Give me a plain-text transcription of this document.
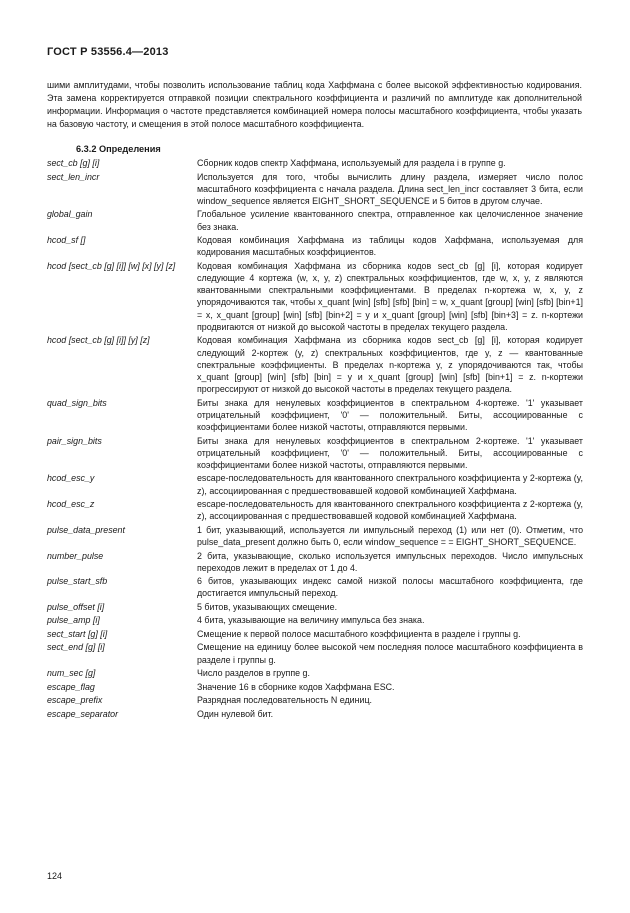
ГОСТ Р 53556.4—2013

шими амплитудами, чтобы позволить использование таблиц кода Хаффмана с более высокой эффективностью кодирования. Эта замена корректируется отправкой позиции спектрального коэффициента и различий по амплитуде как дополнительной информации. Информация о частоте представляется комбинацией номера полосы масштабного коэффициента, чтобы указать на базовую частоту, и смещения в этой полосе масштабного коэффициента.

6.3.2 Определения
sect_cb [g] [i]	Сборник кодов спектр Хаффмана, используемый для раздела i в группе g.
sect_len_incr	Используется для того, чтобы вычислить длину раздела, измеряет число полос масштабного коэффициента с начала раздела. Длина sect_len_incr составляет 3 бита, если window_sequence является EIGHT_SHORT_SEQUENCE и 5 битов в другом случае.
global_gain	Глобальное усиление квантованного спектра, отправленное как целочисленное значение без знака.
hcod_sf []	Кодовая комбинация Хаффмана из таблицы кодов Хаффмана, используемая для кодирования масштабных коэффициентов.
hcod [sect_cb [g] [i]] [w] [x] [y] [z]	Кодовая комбинация Хаффмана из сборника кодов sect_cb [g] [i], которая кодирует следующие 4 кортежа (w, x, y, z) спектральных коэффициентов, где w, x, y, z являются квантованными спектральными коэффициентами. В пределах n-кортежа w, x, y, z упорядочиваются так, чтобы x_quant [win] [sfb] [sfb] [bin] = w, x_quant [group] [win] [sfb] [bin+1] = x, x_quant [group] [win] [sfb] [bin+2] = y и x_quant [group] [win] [sfb] [bin+3] = z. n-кортежи продвигаются от низкой до высокой частоты в пределах текущего раздела.
hcod [sect_cb [g] [i]] [y] [z]	Кодовая комбинация Хаффмана из сборника кодов sect_cb [g] [i], которая кодирует следующий 2-кортеж (y, z) спектральных коэффициентов, где y, z — квантованные спектральные коэффициенты. В пределах n-кортежа y, z упорядочиваются так, чтобы x_quant [group] [win] [sfb] [bin] = y и x_quant [group] [win] [sfb] [bin+1] = z. n-кортежи прогрессируют от низкой до высокой частоты в пределах текущего раздела.
quad_sign_bits	Биты знака для ненулевых коэффициентов в спектральном 4-кортеже. '1' указывает отрицательный коэффициент, '0' — положительный. Биты, ассоциированные с коэффициентами более низкой частоты, отправляются первыми.
pair_sign_bits	Биты знака для ненулевых коэффициентов в спектральном 2-кортеже. '1' указывает отрицательный коэффициент, '0' — положительный. Биты, ассоциированные с коэффициентами более низкой частоты, отправляются первыми.
hcod_esc_y	escape-последовательность для квантованного спектрального коэффициента y 2-кортежа (y, z), ассоциированная с предшествовавшей кодовой комбинацией Хаффмана.
hcod_esc_z	escape-последовательность для квантованного спектрального коэффициента z 2-кортежа (y, z), ассоциированная с предшествовавшей кодовой комбинацией Хаффмана.
pulse_data_present	1 бит, указывающий, используется ли импульсный переход (1) или нет (0). Отметим, что pulse_data_present должно быть 0, если window_sequence = = EIGHT_SHORT_SEQUENCE.
number_pulse	2 бита, указывающие, сколько используется импульсных переходов. Число импульсных переходов лежит в пределах от 1 до 4.
pulse_start_sfb	6 битов, указывающих индекс самой низкой полосы масштабного коэффициента, где достигается импульсный переход.
pulse_offset [i]	5 битов, указывающих смещение.
pulse_amp [i]	4 бита, указывающие на величину импульса без знака.
sect_start [g] [i]	Смещение к первой полосе масштабного коэффициента в разделе i группы g.
sect_end [g] [i]	Смещение на единицу более высокой чем последняя полосе масштабного коэффициента в разделе i группы g.
num_sec [g]	Число разделов в группе g.
escape_flag	Значение 16 в сборнике кодов Хаффмана ESC.
escape_prefix	Разрядная последовательность N единиц.
escape_separator	Один нулевой бит.
124
